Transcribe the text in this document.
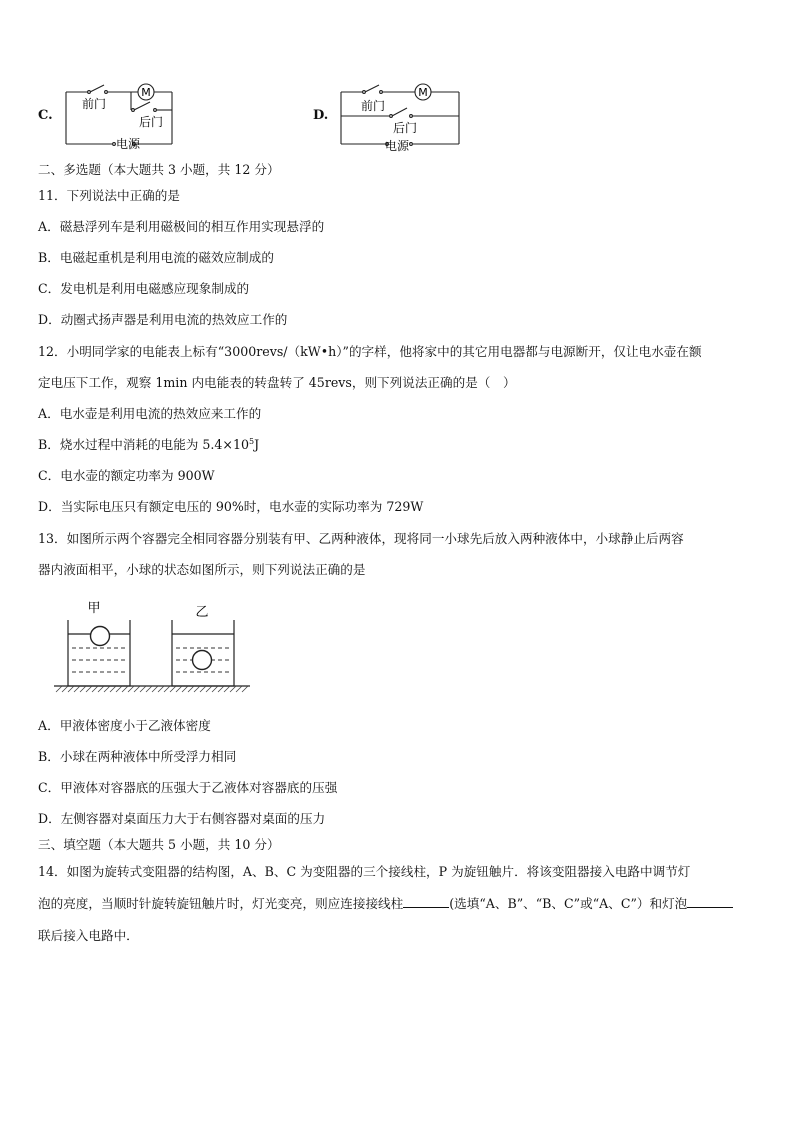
C.
M
前门
后门
电源
D.
M
前门
后门
电源
二、多选题（本大题共 3 小题，共 12 分）
11．下列说法中正确的是
A．磁悬浮列车是利用磁极间的相互作用实现悬浮的
B．电磁起重机是利用电流的磁效应制成的
C．发电机是利用电磁感应现象制成的
D．动圈式扬声器是利用电流的热效应工作的
12．小明同学家的电能表上标有“3000revs/（kW•h）”的字样，他将家中的其它用电器都与电源断开，仅让电水壶在额
定电压下工作，观察 1min 内电能表的转盘转了 45revs，则下列说法正确的是（　）
A．电水壶是利用电流的热效应来工作的
B．烧水过程中消耗的电能为 $5.4\times 10^5J$
C．电水壶的额定功率为 900W
D．当实际电压只有额定电压的 90%时，电水壶的实际功率为 729W
13．如图所示两个容器完全相同容器分别装有甲、乙两种液体，现将同一小球先后放入两种液体中，小球静止后两容
器内液面相平，小球的状态如图所示，则下列说法正确的是
甲	乙
A．甲液体密度小于乙液体密度
B．小球在两种液体中所受浮力相同
C．甲液体对容器底的压强大于乙液体对容器底的压强
D．左侧容器对桌面压力大于右侧容器对桌面的压力
三、填空题（本大题共 5 小题，共 10 分）
14．如图为旋转式变阻器的结构图，A、B、C 为变阻器的三个接线柱，P 为旋钮触片．将该变阻器接入电路中调节灯
泡的亮度，当顺时针旋转旋钮触片时，灯光变亮，则应连接接线柱	(选填“A、B”、“B、C”或“A、C”）和灯泡
联后接入电路中．
